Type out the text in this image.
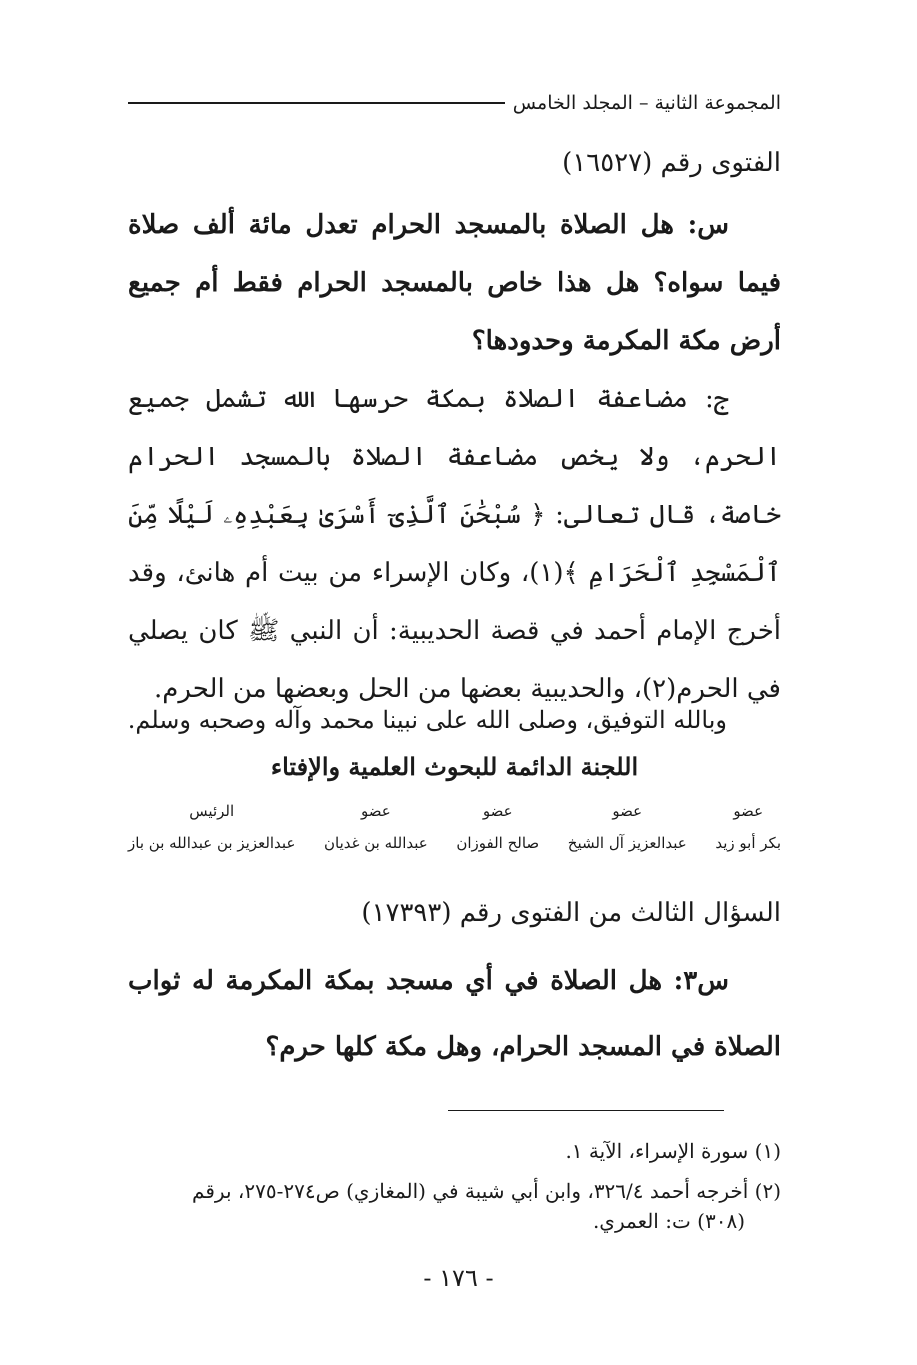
المجموعة الثانية – المجلد الخامس
الفتوى رقم (١٦٥٢٧)

س: هل الصلاة بالمسجد الحرام تعدل مائة ألف صلاة فيما سواه؟ هل هذا خاص بالمسجد الحرام فقط أم جميع أرض مكة المكرمة وحدودها؟

ج: مضاعفة الصلاة بمكة حرسها الله تشمل جميع الحرم، ولا يخص مضاعفة الصلاة بالمسجد الحرام خاصة، قال تعالى: ﴿ سُبْحَٰنَ ٱلَّذِىٓ أَسْرَىٰ بِعَبْدِهِۦ لَيْلًا مِّنَ ٱلْمَسْجِدِ ٱلْحَرَامِ ﴾(١)، وكان الإسراء من بيت أم هانئ، وقد أخرج الإمام أحمد في قصة الحديبية: أن النبي ﷺ كان يصلي في الحرم(٢)، والحديبية بعضها من الحل وبعضها من الحرم.

وبالله التوفيق، وصلى الله على نبينا محمد وآله وصحبه وسلم.
اللجنة الدائمة للبحوث العلمية والإفتاء
عضو
بكر أبو زيد
عضو
عبدالعزيز آل الشيخ
عضو
صالح الفوزان
عضو
عبدالله بن غديان
الرئيس
عبدالعزيز بن عبدالله بن باز
السؤال الثالث من الفتوى رقم (١٧٣٩٣)

س٣: هل الصلاة في أي مسجد بمكة المكرمة له ثواب الصلاة في المسجد الحرام، وهل مكة كلها حرم؟

(١) سورة الإسراء، الآية ١.
(٢) أخرجه أحمد ٣٢٦/٤، وابن أبي شيبة في (المغازي) ص٢٧٤-٢٧٥، برقم
(٣٠٨) ت: العمري.
- ١٧٦ -
